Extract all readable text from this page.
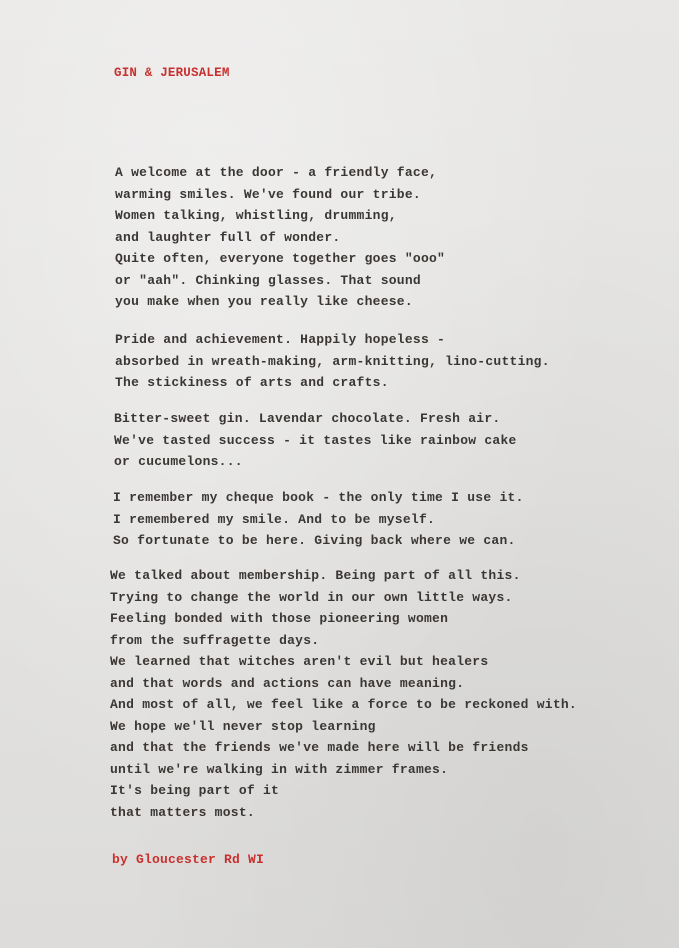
GIN & JERUSALEM

A welcome at the door - a friendly face,
warming smiles. We've found our tribe.
Women talking, whistling, drumming,
and laughter full of wonder.
Quite often, everyone together goes "ooo"
or "aah". Chinking glasses. That sound
you make when you really like cheese.
Pride and achievement. Happily hopeless -
absorbed in wreath-making, arm-knitting, lino-cutting.
The stickiness of arts and crafts.
Bitter-sweet gin. Lavendar chocolate. Fresh air.
We've tasted success - it tastes like rainbow cake
or cucumelons...
I remember my cheque book - the only time I use it.
I remembered my smile. And to be myself.
So fortunate to be here. Giving back where we can.
We talked about membership. Being part of all this.
Trying to change the world in our own little ways.
Feeling bonded with those pioneering women
from the suffragette days.
We learned that witches aren't evil but healers
and that words and actions can have meaning.
And most of all, we feel like a force to be reckoned with.
We hope we'll never stop learning
and that the friends we've made here will be friends
until we're walking in with zimmer frames.
It's being part of it
that matters most.

by Gloucester Rd WI
